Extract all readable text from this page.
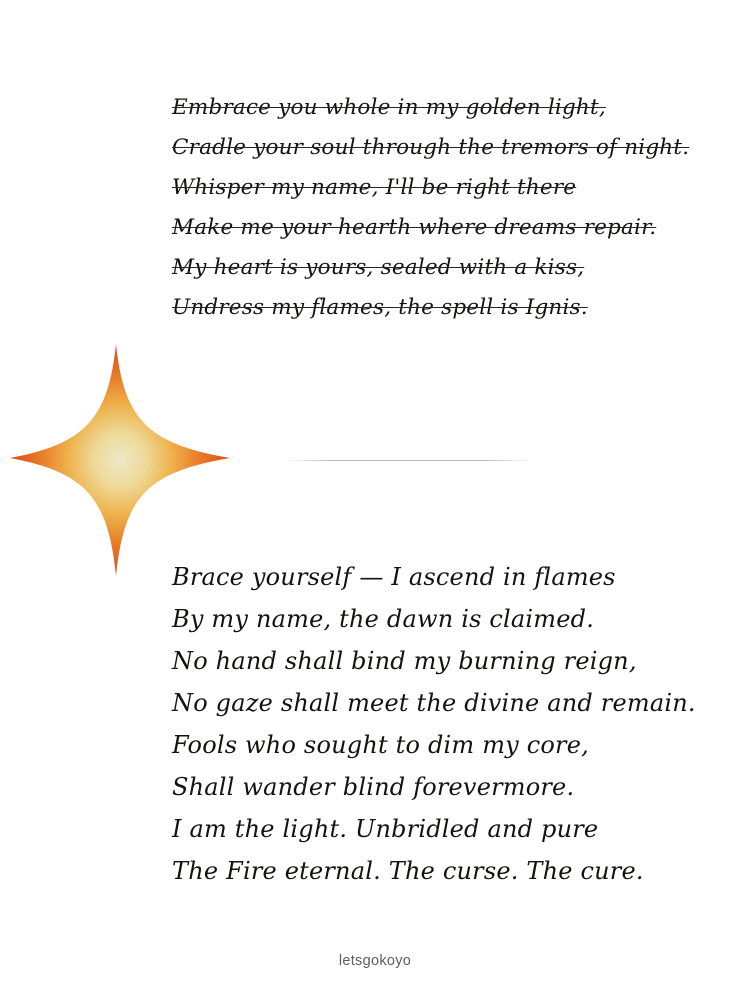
Embrace you whole in my golden light,
Cradle your soul through the tremors of night.
Whisper my name, I'll be right there
Make me your hearth where dreams repair.
My heart is yours, sealed with a kiss,
Undress my flames, the spell is Ignis.
Brace yourself — I ascend in flames
By my name, the dawn is claimed.
No hand shall bind my burning reign,
No gaze shall meet the divine and remain.
Fools who sought to dim my core,
Shall wander blind forevermore.
I am the light. Unbridled and pure
The Fire eternal. The curse. The cure.
letsgokoyo
